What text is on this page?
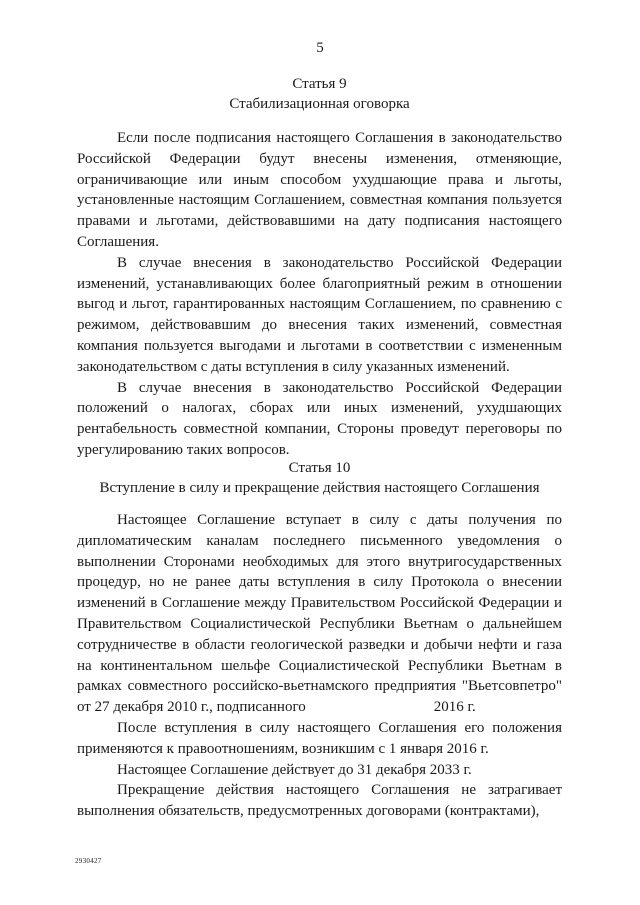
5
Статья 9
Стабилизационная оговорка

Если после подписания настоящего Соглашения в законодательство Российской Федерации будут внесены изменения, отменяющие, ограничивающие или иным способом ухудшающие права и льготы, установленные настоящим Соглашением, совместная компания пользуется правами и льготами, действовавшими на дату подписания настоящего Соглашения.

В случае внесения в законодательство Российской Федерации изменений, устанавливающих более благоприятный режим в отношении выгод и льгот, гарантированных настоящим Соглашением, по сравнению с режимом, действовавшим до внесения таких изменений, совместная компания пользуется выгодами и льготами в соответствии с измененным законодательством с даты вступления в силу указанных изменений.

В случае внесения в законодательство Российской Федерации положений о налогах, сборах или иных изменений, ухудшающих рентабельность совместной компании, Стороны проведут переговоры по урегулированию таких вопросов.

Статья 10
Вступление в силу и прекращение действия настоящего Соглашения

Настоящее Соглашение вступает в силу с даты получения по дипломатическим каналам последнего письменного уведомления о выполнении Сторонами необходимых для этого внутригосударственных процедур, но не ранее даты вступления в силу Протокола о внесении изменений в Соглашение между Правительством Российской Федерации и Правительством Социалистической Республики Вьетнам о дальнейшем сотрудничестве в области геологической разведки и добычи нефти и газа на континентальном шельфе Социалистической Республики Вьетнам в рамках совместного российско-вьетнамского предприятия "Вьетсовпетро" от 27 декабря 2010 г., подписанного	2016 г.

После вступления в силу настоящего Соглашения его положения применяются к правоотношениям, возникшим с 1 января 2016 г.

Настоящее Соглашение действует до 31 декабря 2033 г.

Прекращение действия настоящего Соглашения не затрагивает выполнения обязательств, предусмотренных договорами (контрактами),

2930427
